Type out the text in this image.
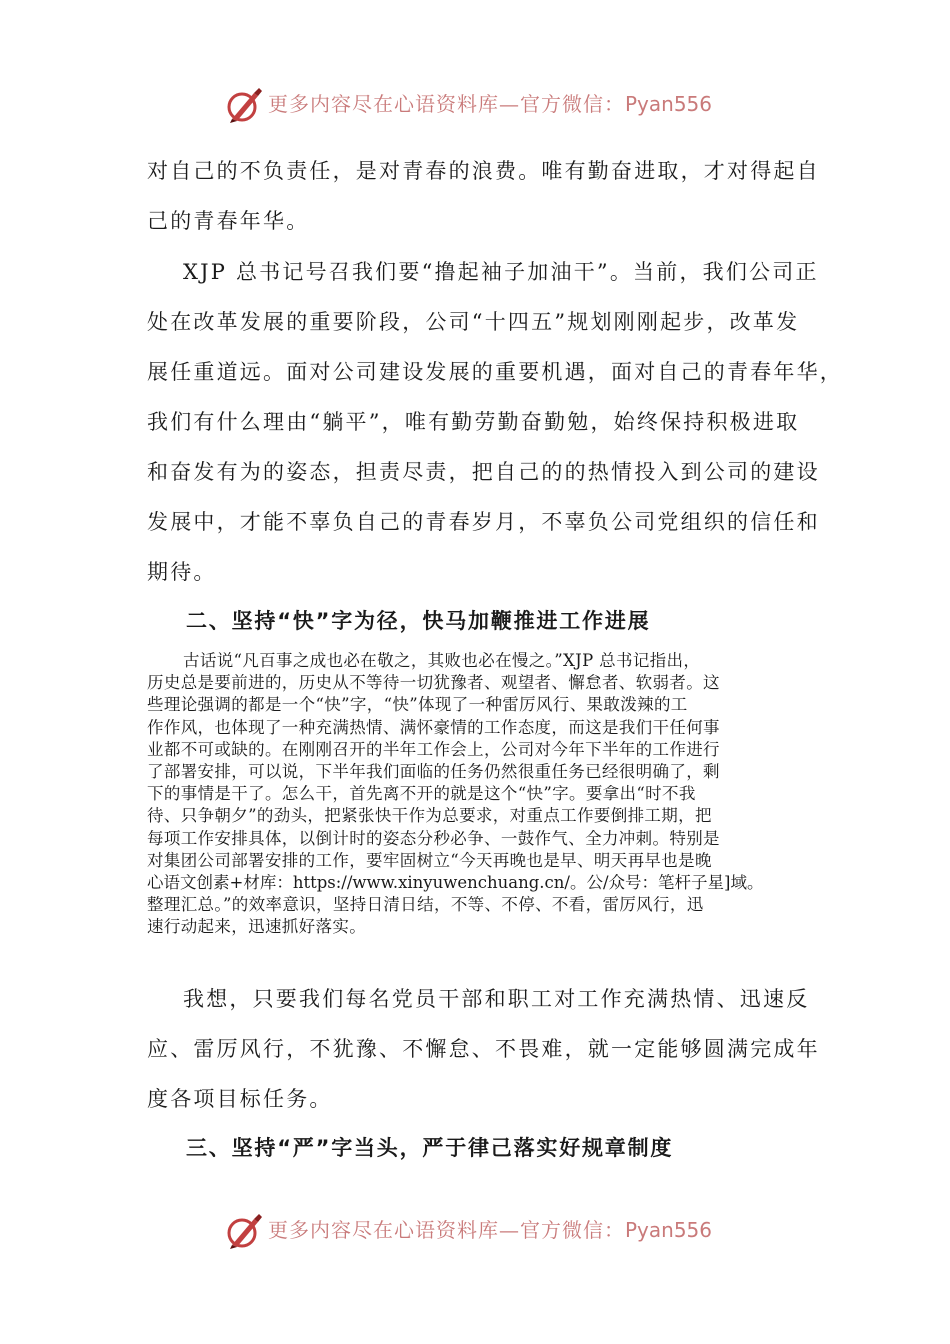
更多内容尽在心语资料库—官方微信：Pyan556

对自己的不负责任，是对青春的浪费。唯有勤奋进取，才对得起自
己的青春年华。

XJP 总书记号召我们要“撸起袖子加油干”。当前，我们公司正
处在改革发展的重要阶段，公司“十四五”规划刚刚起步，改革发
展任重道远。面对公司建设发展的重要机遇，面对自己的青春年华，
我们有什么理由“躺平”，唯有勤劳勤奋勤勉，始终保持积极进取
和奋发有为的姿态，担责尽责，把自己的的热情投入到公司的建设
发展中，才能不辜负自己的青春岁月，不辜负公司党组织的信任和
期待。

二、坚持“快”字为径，快马加鞭推进工作进展

古话说“凡百事之成也必在敬之，其败也必在慢之。”XJP 总书记指出，
历史总是要前进的，历史从不等待一切犹豫者、观望者、懈怠者、软弱者。这
些理论强调的都是一个“快”字，“快”体现了一种雷厉风行、果敢泼辣的工
作作风，也体现了一种充满热情、满怀豪情的工作态度，而这是我们干任何事
业都不可或缺的。在刚刚召开的半年工作会上，公司对今年下半年的工作进行
了部署安排，可以说，下半年我们面临的任务仍然很重任务已经很明确了，剩
下的事情是干了。怎么干，首先离不开的就是这个“快”字。要拿出“时不我
待、只争朝夕”的劲头，把紧张快干作为总要求，对重点工作要倒排工期，把
每项工作安排具体，以倒计时的姿态分秒必争、一鼓作气、全力冲刺。特别是
对集团公司部署安排的工作，要牢固树立“今天再晚也是早、明天再早也是晚
心语文创素+材库：https://www.xinyuwenchuang.cn/。公/众号：笔杆子星]域。
整理汇总。”的效率意识，坚持日清日结，不等、不停、不看，雷厉风行，迅
速行动起来，迅速抓好落实。

我想，只要我们每名党员干部和职工对工作充满热情、迅速反
应、雷厉风行，不犹豫、不懈怠、不畏难，就一定能够圆满完成年
度各项目标任务。

三、坚持“严”字当头，严于律己落实好规章制度
更多内容尽在心语资料库—官方微信：Pyan556
